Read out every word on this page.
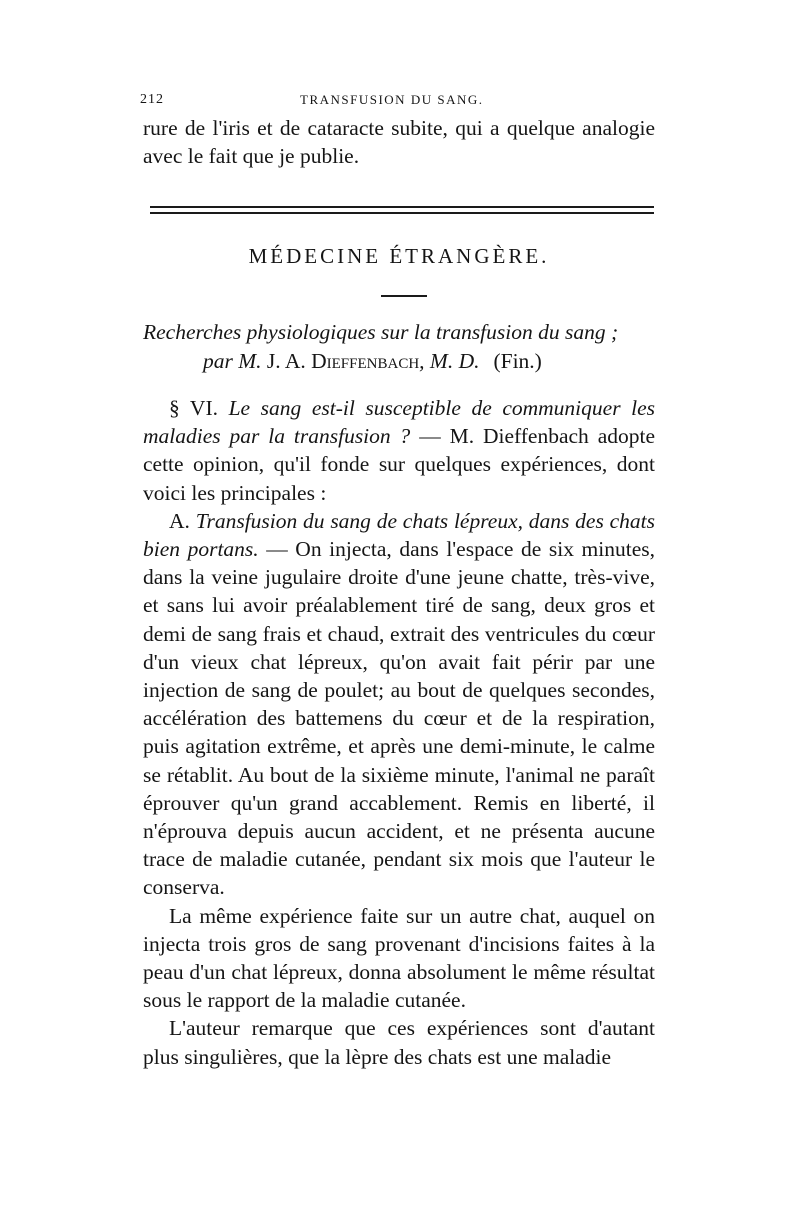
212	TRANSFUSION DU SANG.

rure de l'iris et de cataracte subite, qui a quelque analogie avec le fait que je publie.

MÉDECINE ÉTRANGÈRE.
Recherches physiologiques sur la transfusion du sang ;
par M. J. A. Dieffenbach, M. D. (Fin.)

§ VI. Le sang est-il susceptible de communiquer les maladies par la transfusion ? — M. Dieffenbach adopte cette opinion, qu'il fonde sur quelques expériences, dont voici les principales :

A. Transfusion du sang de chats lépreux, dans des chats bien portans. — On injecta, dans l'espace de six minutes, dans la veine jugulaire droite d'une jeune chatte, très-vive, et sans lui avoir préalablement tiré de sang, deux gros et demi de sang frais et chaud, extrait des ventricules du cœur d'un vieux chat lépreux, qu'on avait fait périr par une injection de sang de poulet; au bout de quelques secondes, accélération des battemens du cœur et de la respiration, puis agitation extrême, et après une demi-minute, le calme se rétablit. Au bout de la sixième minute, l'animal ne paraît éprouver qu'un grand accablement. Remis en liberté, il n'éprouva depuis aucun accident, et ne présenta aucune trace de maladie cutanée, pendant six mois que l'auteur le conserva.

La même expérience faite sur un autre chat, auquel on injecta trois gros de sang provenant d'incisions faites à la peau d'un chat lépreux, donna absolument le même résultat sous le rapport de la maladie cutanée.

L'auteur remarque que ces expériences sont d'autant plus singulières, que la lèpre des chats est une maladie
